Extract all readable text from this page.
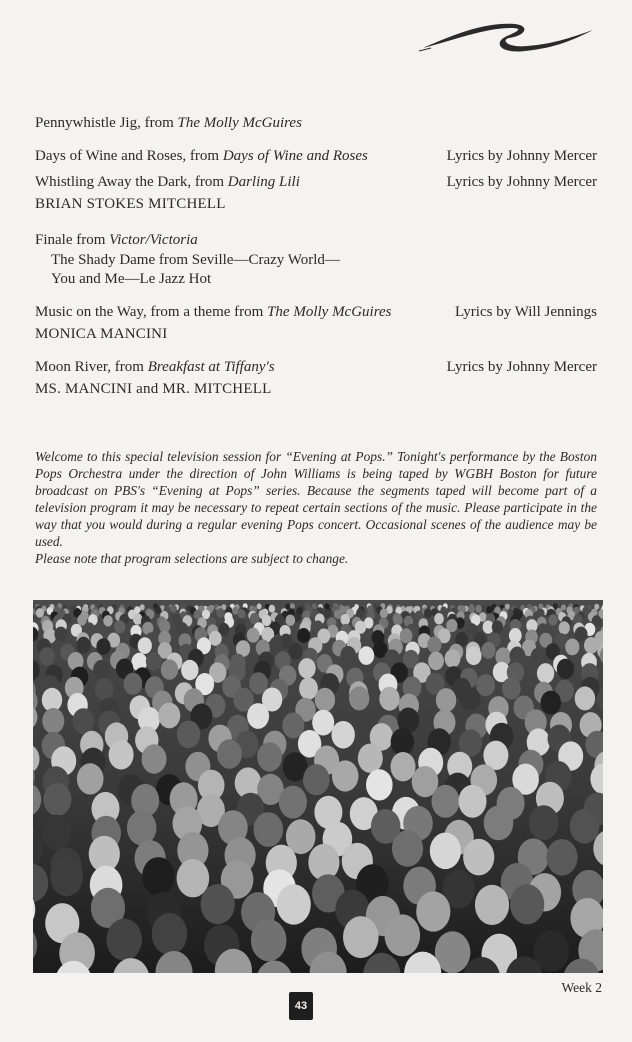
Pennywhistle Jig, from The Molly McGuires
Days of Wine and Roses, from Days of Wine and Roses	Lyrics by Johnny Mercer
Whistling Away the Dark, from Darling Lili	Lyrics by Johnny Mercer
BRIAN STOKES MITCHELL
Finale from Victor/Victoria
The Shady Dame from Seville—Crazy World—
You and Me—Le Jazz Hot
Music on the Way, from a theme from The Molly McGuires	Lyrics by Will Jennings
MONICA MANCINI
Moon River, from Breakfast at Tiffany's	Lyrics by Johnny Mercer
MS. MANCINI and MR. MITCHELL

Welcome to this special television session for “Evening at Pops.” Tonight's performance by the Boston Pops Orchestra under the direction of John Williams is being taped by WGBH Boston for future broadcast on PBS's “Evening at Pops” series. Because the segments taped will become part of a television program it may be necessary to repeat certain sections of the music. Please participate in the way that you would during a regular evening Pops concert. Occasional scenes of the audience may be used.

Please note that program selections are subject to change.

Week 2
43
